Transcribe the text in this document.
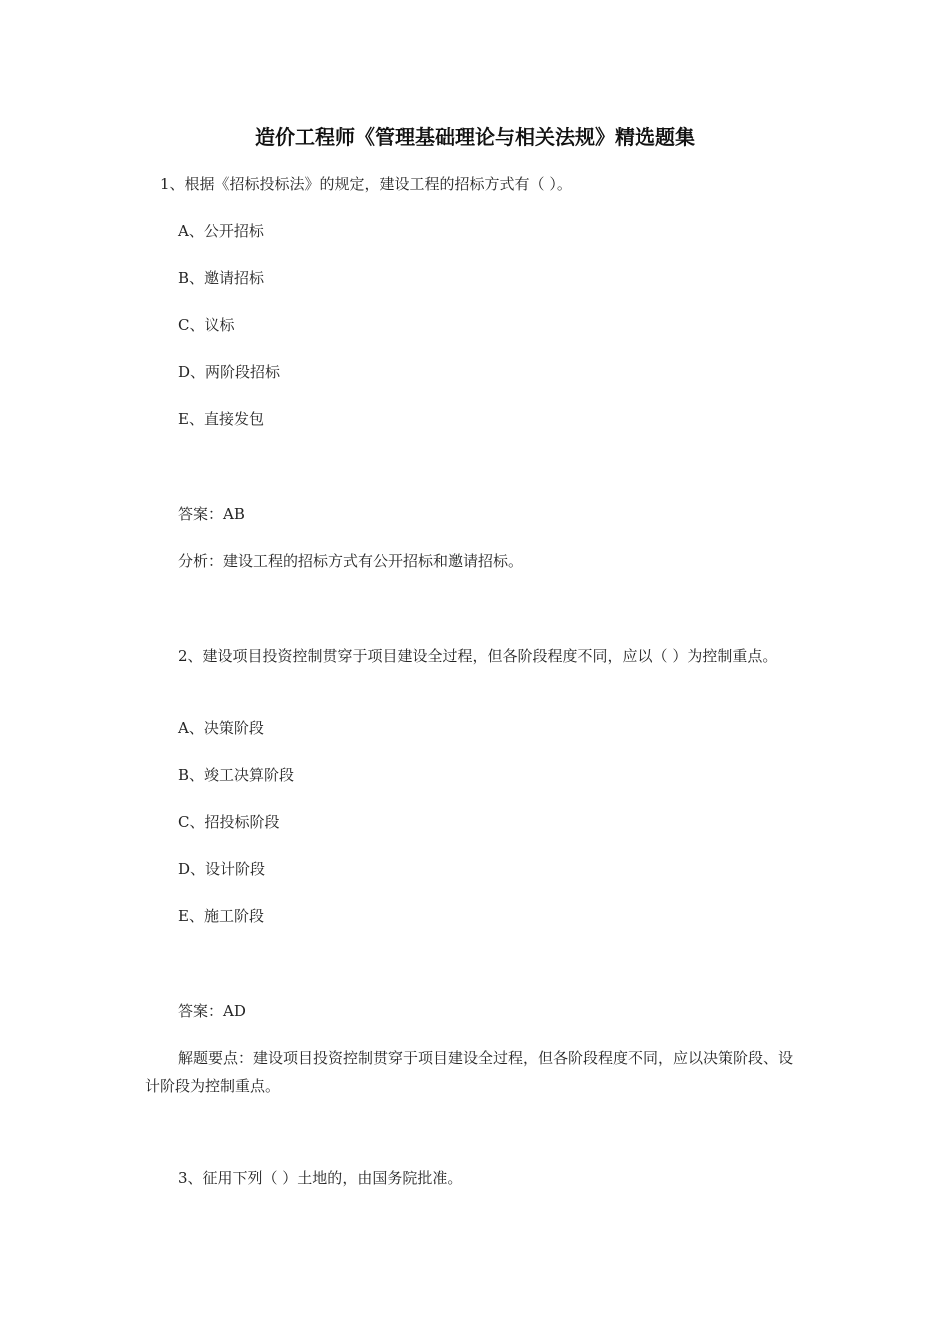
造价工程师《管理基础理论与相关法规》精选题集
1、根据《招标投标法》的规定，建设工程的招标方式有（ ）。
A、公开招标
B、邀请招标
C、议标
D、两阶段招标
E、直接发包
答案：AB
分析：建设工程的招标方式有公开招标和邀请招标。
2、建设项目投资控制贯穿于项目建设全过程，但各阶段程度不同，应以（ ）为控制重点。
A、决策阶段
B、竣工决算阶段
C、招投标阶段
D、设计阶段
E、施工阶段
答案：AD
解题要点：建设项目投资控制贯穿于项目建设全过程，但各阶段程度不同，应以决策阶段、设计阶段为控制重点。
3、征用下列（ ）土地的，由国务院批准。
